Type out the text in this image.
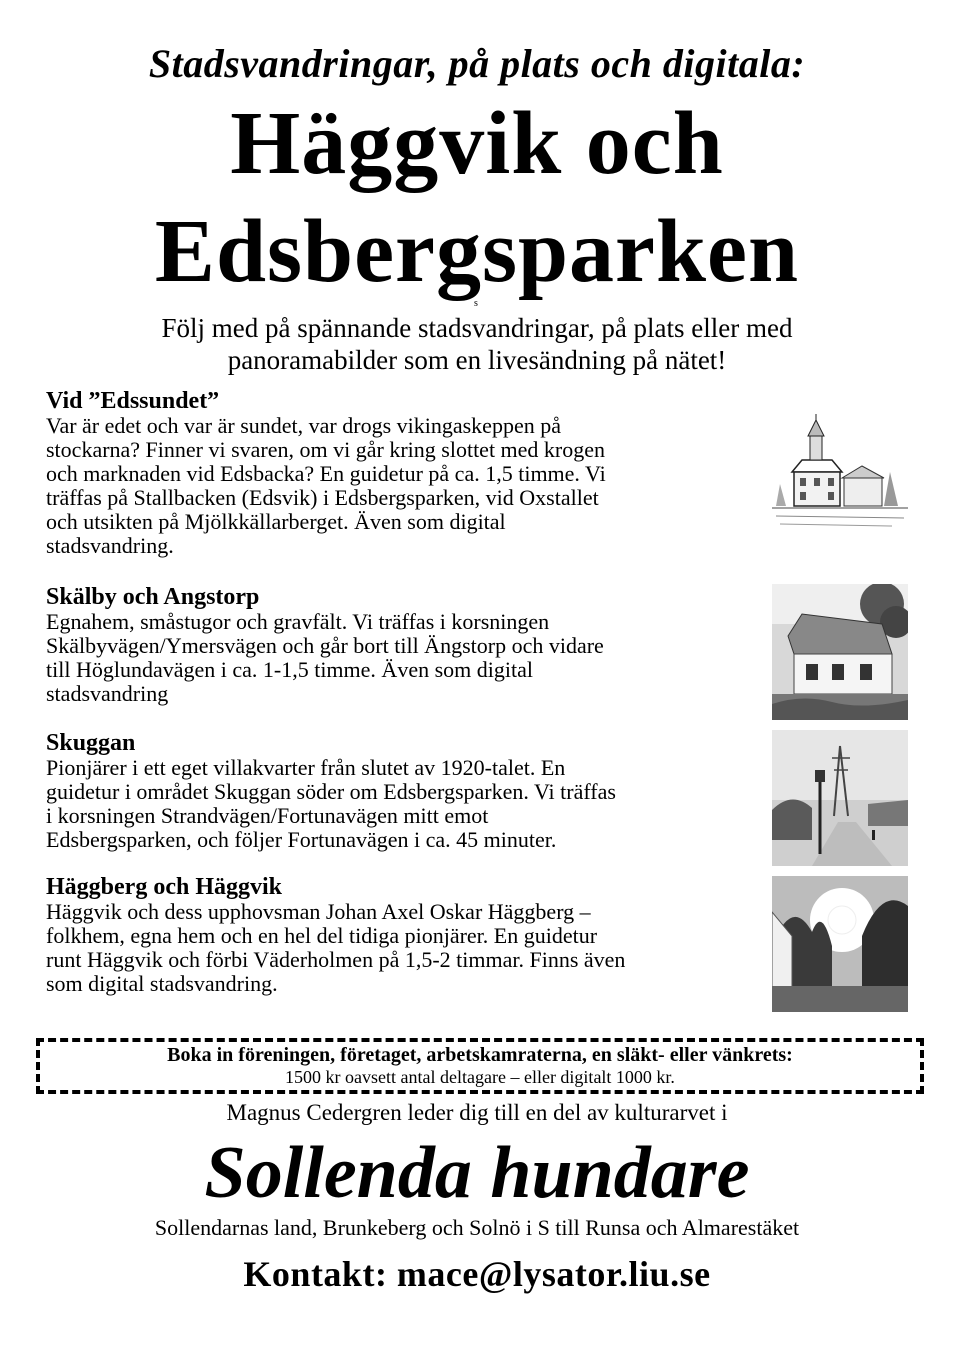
Stadsvandringar, på plats och digitala:
Häggvik och
Edsbergsparken
s
Följ med på spännande stadsvandringar, på plats eller med
panoramabilder som en livesändning på nätet!
Vid ”Edssundet”
Var är edet och var är sundet, var drogs vikingaskeppen på
stockarna? Finner vi svaren, om vi går kring slottet med krogen
och marknaden vid Edsbacka? En guidetur på ca. 1,5 timme. Vi
träffas på Stallbacken (Edsvik) i Edsbergsparken, vid Oxstallet
och utsikten på Mjölkkällarberget. Även som digital
stadsvandring.
Skälby och Angstorp
Egnahem, småstugor och gravfält. Vi träffas i korsningen
Skälbyvägen/Ymersvägen och går bort till Ängstorp och vidare
till Höglundavägen i ca. 1-1,5 timme. Även som digital
stadsvandring
Skuggan
Pionjärer i ett eget villakvarter från slutet av 1920-talet. En
guidetur i området Skuggan söder om Edsbergsparken. Vi träffas
i korsningen Strandvägen/Fortunavägen mitt emot
Edsbergsparken, och följer Fortunavägen i ca. 45 minuter.
Häggberg och Häggvik
Häggvik och dess upphovsman Johan Axel Oskar Häggberg –
folkhem, egna hem och en hel del tidiga pionjärer. En guidetur
runt Häggvik och förbi Väderholmen på 1,5-2 timmar. Finns även
som digital stadsvandring.
Boka in föreningen, företaget, arbetskamraterna, en släkt- eller vänkrets:
1500 kr oavsett antal deltagare – eller digitalt 1000 kr.
Magnus Cedergren leder dig till en del av kulturarvet i
Sollenda hundare
Sollendarnas land, Brunkeberg och Solnö i S till Runsa och Almarestäket
Kontakt: mace@lysator.liu.se
